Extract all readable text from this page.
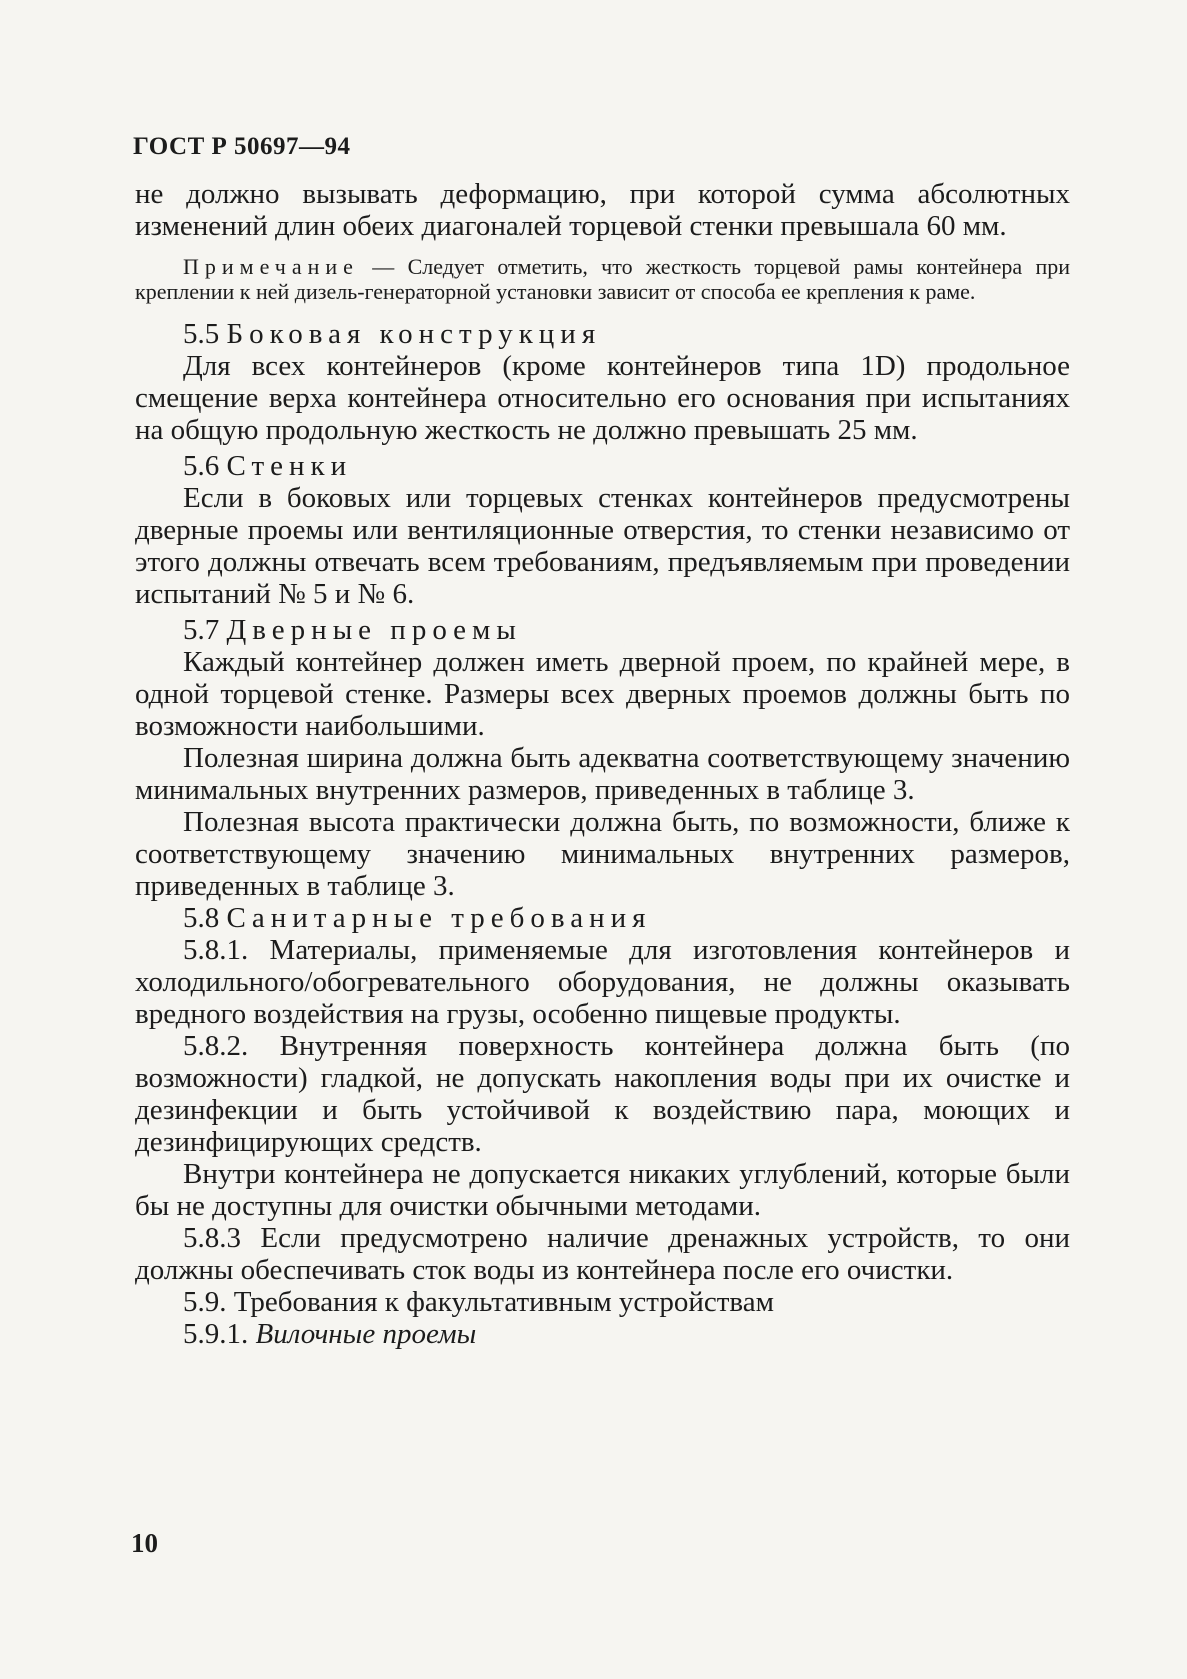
ГОСТ Р 50697—94

не должно вызывать деформацию, при которой сумма абсолютных изменений длин обеих диагоналей торцевой стенки превышала 60 мм.

Примечание — Следует отметить, что жесткость торцевой рамы контейнера при креплении к ней дизель-генераторной установки зависит от способа ее крепления к раме.

5.5 Боковая конструкция

Для всех контейнеров (кроме контейнеров типа 1D) продольное смещение верха контейнера относительно его основания при испытаниях на общую продольную жесткость не должно превышать 25 мм.

5.6 Стенки

Если в боковых или торцевых стенках контейнеров предусмотрены дверные проемы или вентиляционные отверстия, то стенки независимо от этого должны отвечать всем требованиям, предъявляемым при проведении испытаний № 5 и № 6.

5.7 Дверные проемы

Каждый контейнер должен иметь дверной проем, по крайней мере, в одной торцевой стенке. Размеры всех дверных проемов должны быть по возможности наибольшими.

Полезная ширина должна быть адекватна соответствующему значению минимальных внутренних размеров, приведенных в таблице 3.

Полезная высота практически должна быть, по возможности, ближе к соответствующему значению минимальных внутренних размеров, приведенных в таблице 3.

5.8 Санитарные требования

5.8.1. Материалы, применяемые для изготовления контейнеров и холодильного/обогревательного оборудования, не должны оказывать вредного воздействия на грузы, особенно пищевые продукты.

5.8.2. Внутренняя поверхность контейнера должна быть (по возможности) гладкой, не допускать накопления воды при их очистке и дезинфекции и быть устойчивой к воздействию пара, моющих и дезинфицирующих средств.

Внутри контейнера не допускается никаких углублений, которые были бы не доступны для очистки обычными методами.

5.8.3 Если предусмотрено наличие дренажных устройств, то они должны обеспечивать сток воды из контейнера после его очистки.

5.9. Требования к факультативным устройствам

5.9.1. Вилочные проемы

10
